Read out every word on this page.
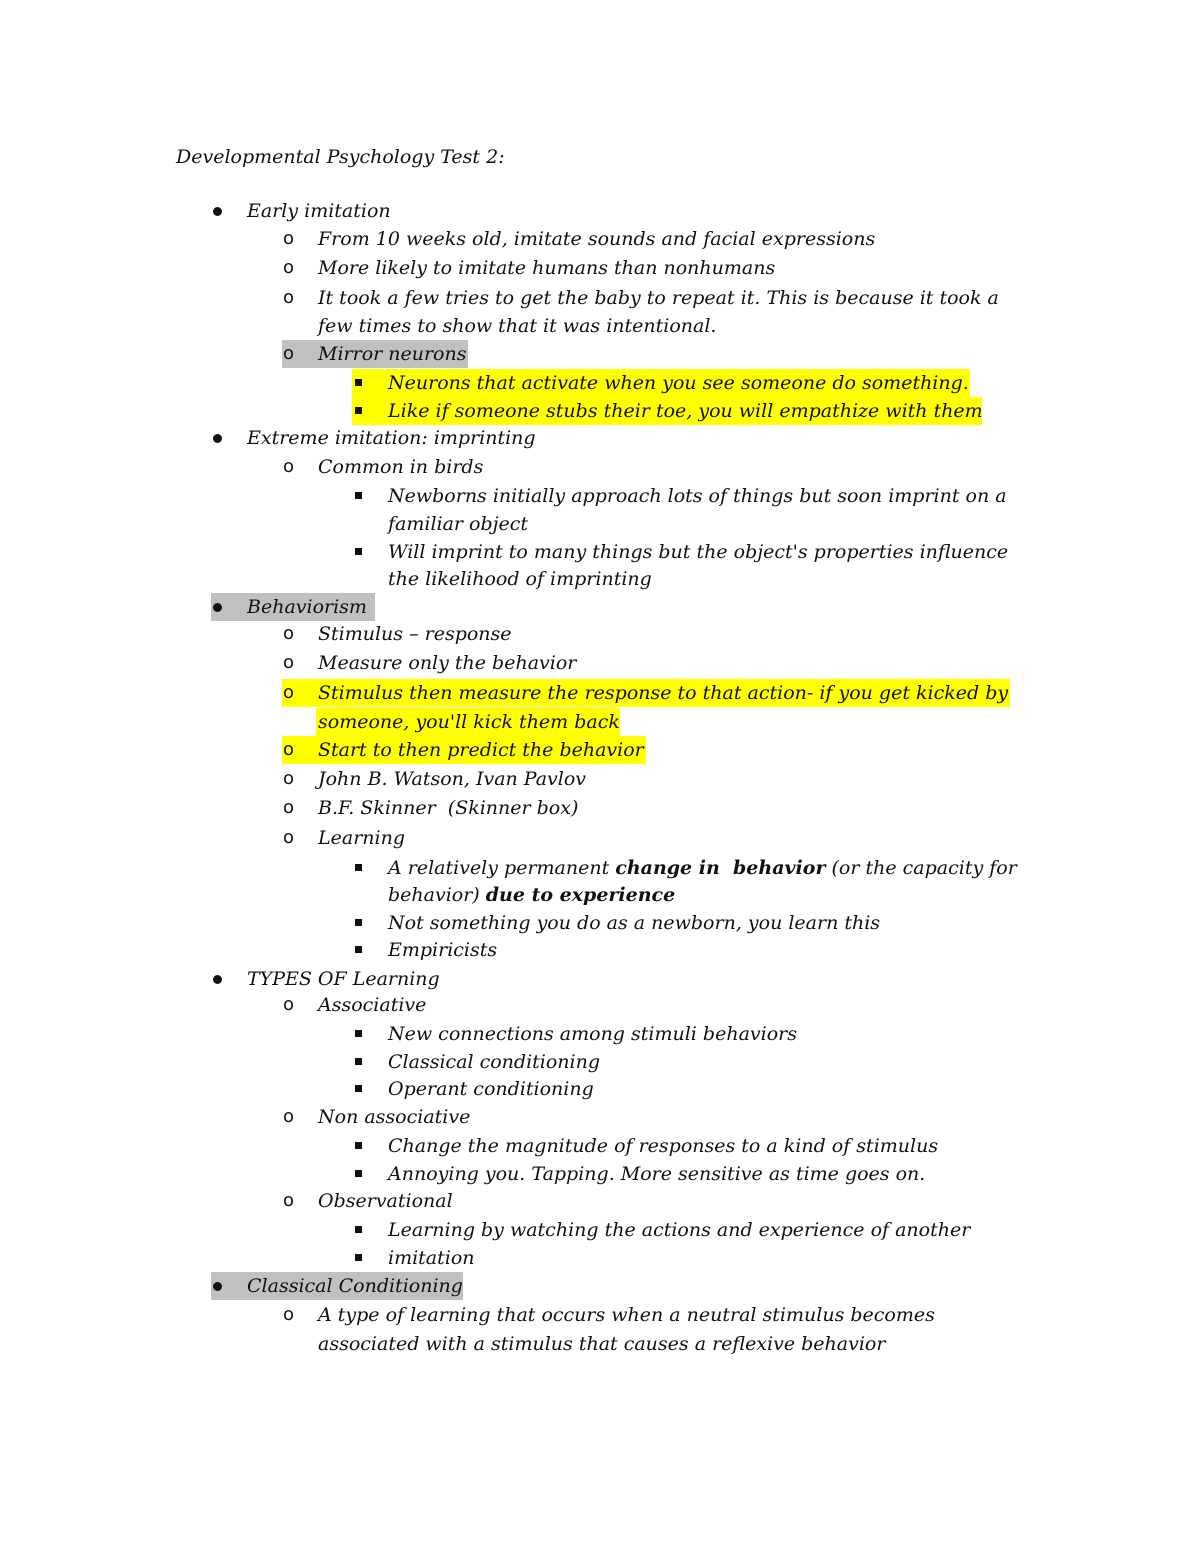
Developmental Psychology Test 2:
Early imitation
o From 10 weeks old, imitate sounds and facial expressions
o More likely to imitate humans than nonhumans
o It took a few tries to get the baby to repeat it. This is because it took a
few times to show that it was intentional.
o Mirror neurons
Neurons that activate when you see someone do something.
Like if someone stubs their toe, you will empathize with them
Extreme imitation: imprinting
o Common in birds
Newborns initially approach lots of things but soon imprint on a
familiar object
Will imprint to many things but the object's properties influence
the likelihood of imprinting
Behaviorism
o Stimulus – response
o Measure only the behavior
o Stimulus then measure the response to that action- if you get kicked by
someone, you'll kick them back
o Start to then predict the behavior
o John B. Watson, Ivan Pavlov
o B.F. Skinner  (Skinner box)
o Learning
A relatively permanent change in  behavior (or the capacity for
behavior) due to experience
Not something you do as a newborn, you learn this
Empiricists
TYPES OF Learning
o Associative
New connections among stimuli behaviors
Classical conditioning
Operant conditioning
o Non associative
Change the magnitude of responses to a kind of stimulus
Annoying you. Tapping. More sensitive as time goes on.
o Observational
Learning by watching the actions and experience of another
imitation
Classical Conditioning
o A type of learning that occurs when a neutral stimulus becomes
associated with a stimulus that causes a reflexive behavior
